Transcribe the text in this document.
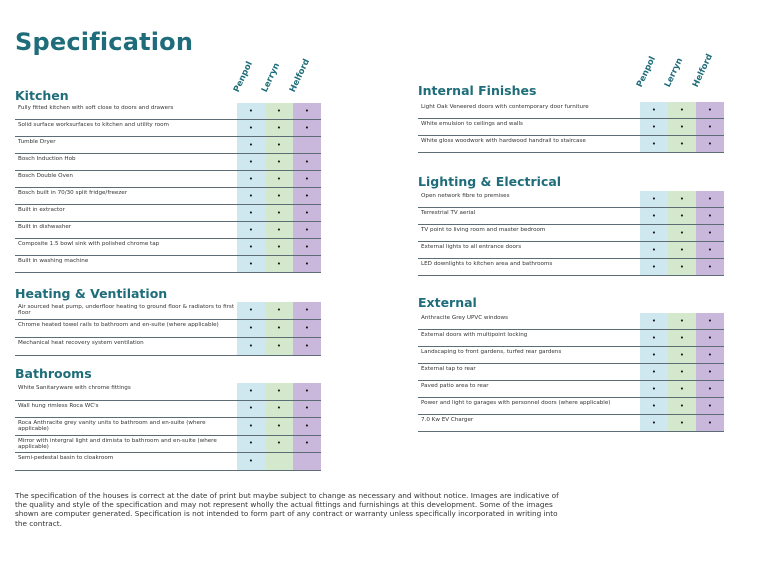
Specification
Kitchen
Penpol Lerryn Helford
Fully fitted kitchen with soft close to doors and drawers	•	•	•
Solid surface worksurfaces to kitchen and utility room	•	•	•
Tumble Dryer	•	•
Bosch Induction Hob	•	•	•
Bosch Double Oven	•	•	•
Bosch built in 70/30 split fridge/freezer	•	•	•
Built in extractor	•	•	•
Built in dishwasher	•	•	•
Composite 1.5 bowl sink with polished chrome tap	•	•	•
Built in washing machine	•	•	•
Heating & Ventilation
Air sourced heat pump, underfloor heating to ground floor & radiators to first floor	•	•	•
Chrome heated towel rails to bathroom and en-suite (where applicable)	•	•	•
Mechanical heat recovery system ventilation	•	•	•
Bathrooms
White Sanitaryware with chrome fittings	•	•	•
Wall hung rimless Roca WC's	•	•	•
Roca Anthracite grey vanity units to bathroom and en-suite (where applicable)	•	•	•
Mirror with intergral light and dimista to bathroom and en-suite (where applicable)	•	•	•
Semi-pedestal basin to cloakroom	•
Internal Finishes
Penpol Lerryn Helford
Light Oak Veneered doors with contemporary door furniture	•	•	•
White emulsion to ceilings and walls	•	•	•
White gloss woodwork with hardwood handrail to staircase	•	•	•
Lighting & Electrical
Open network fibre to premises	•	•	•
Terrestrial TV aerial	•	•	•
TV point to living room and master bedroom	•	•	•
External lights to all entrance doors	•	•	•
LED downlights to kitchen area and bathrooms	•	•	•
External
Anthracite Grey UPVC windows	•	•	•
External doors with multipoint locking	•	•	•
Landscaping to front gardens, turfed rear gardens	•	•	•
External tap to rear	•	•	•
Paved patio area to rear	•	•	•
Power and light to garages with personnel doors (where applicable)	•	•	•
7.0 Kw EV Charger	•	•	•

The specification of the houses is correct at the date of print but maybe subject to change as necessary and without notice. Images are indicative of the quality and style of the specification and may not represent wholly the actual fittings and furnishings at this development. Some of the images shown are computer generated. Specification is not intended to form part of any contract or warranty unless specifically incorporated in writing into the contract.
